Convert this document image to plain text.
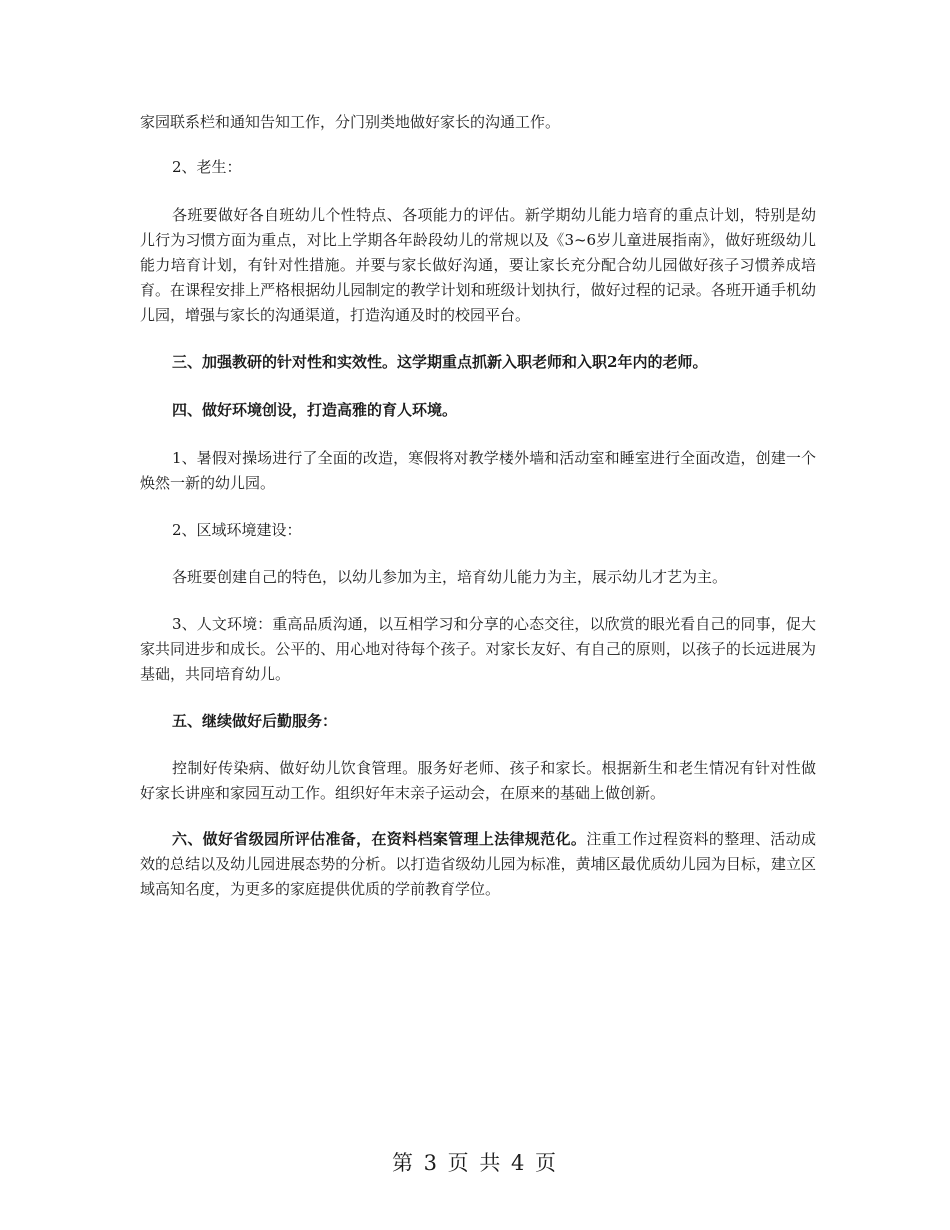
家园联系栏和通知告知工作，分门别类地做好家长的沟通工作。

2、老生：

各班要做好各自班幼儿个性特点、各项能力的评估。新学期幼儿能力培育的重点计划，特别是幼儿行为习惯方面为重点，对比上学期各年龄段幼儿的常规以及《3~6岁儿童进展指南》，做好班级幼儿能力培育计划，有针对性措施。并要与家长做好沟通，要让家长充分配合幼儿园做好孩子习惯养成培育。在课程安排上严格根据幼儿园制定的教学计划和班级计划执行，做好过程的记录。各班开通手机幼儿园，增强与家长的沟通渠道，打造沟通及时的校园平台。

三、加强教研的针对性和实效性。这学期重点抓新入职老师和入职2年内的老师。

四、做好环境创设，打造高雅的育人环境。

1、暑假对操场进行了全面的改造，寒假将对教学楼外墙和活动室和睡室进行全面改造，创建一个焕然一新的幼儿园。

2、区域环境建设：

各班要创建自己的特色，以幼儿参加为主，培育幼儿能力为主，展示幼儿才艺为主。

3、人文环境：重高品质沟通，以互相学习和分享的心态交往，以欣赏的眼光看自己的同事，促大家共同进步和成长。公平的、用心地对待每个孩子。对家长友好、有自己的原则，以孩子的长远进展为基础，共同培育幼儿。

五、继续做好后勤服务：

控制好传染病、做好幼儿饮食管理。服务好老师、孩子和家长。根据新生和老生情况有针对性做好家长讲座和家园互动工作。组织好年末亲子运动会，在原来的基础上做创新。

六、做好省级园所评估准备，在资料档案管理上法律规范化。注重工作过程资料的整理、活动成效的总结以及幼儿园进展态势的分析。以打造省级幼儿园为标准，黄埔区最优质幼儿园为目标，建立区域高知名度，为更多的家庭提供优质的学前教育学位。

第 3 页 共 4 页
